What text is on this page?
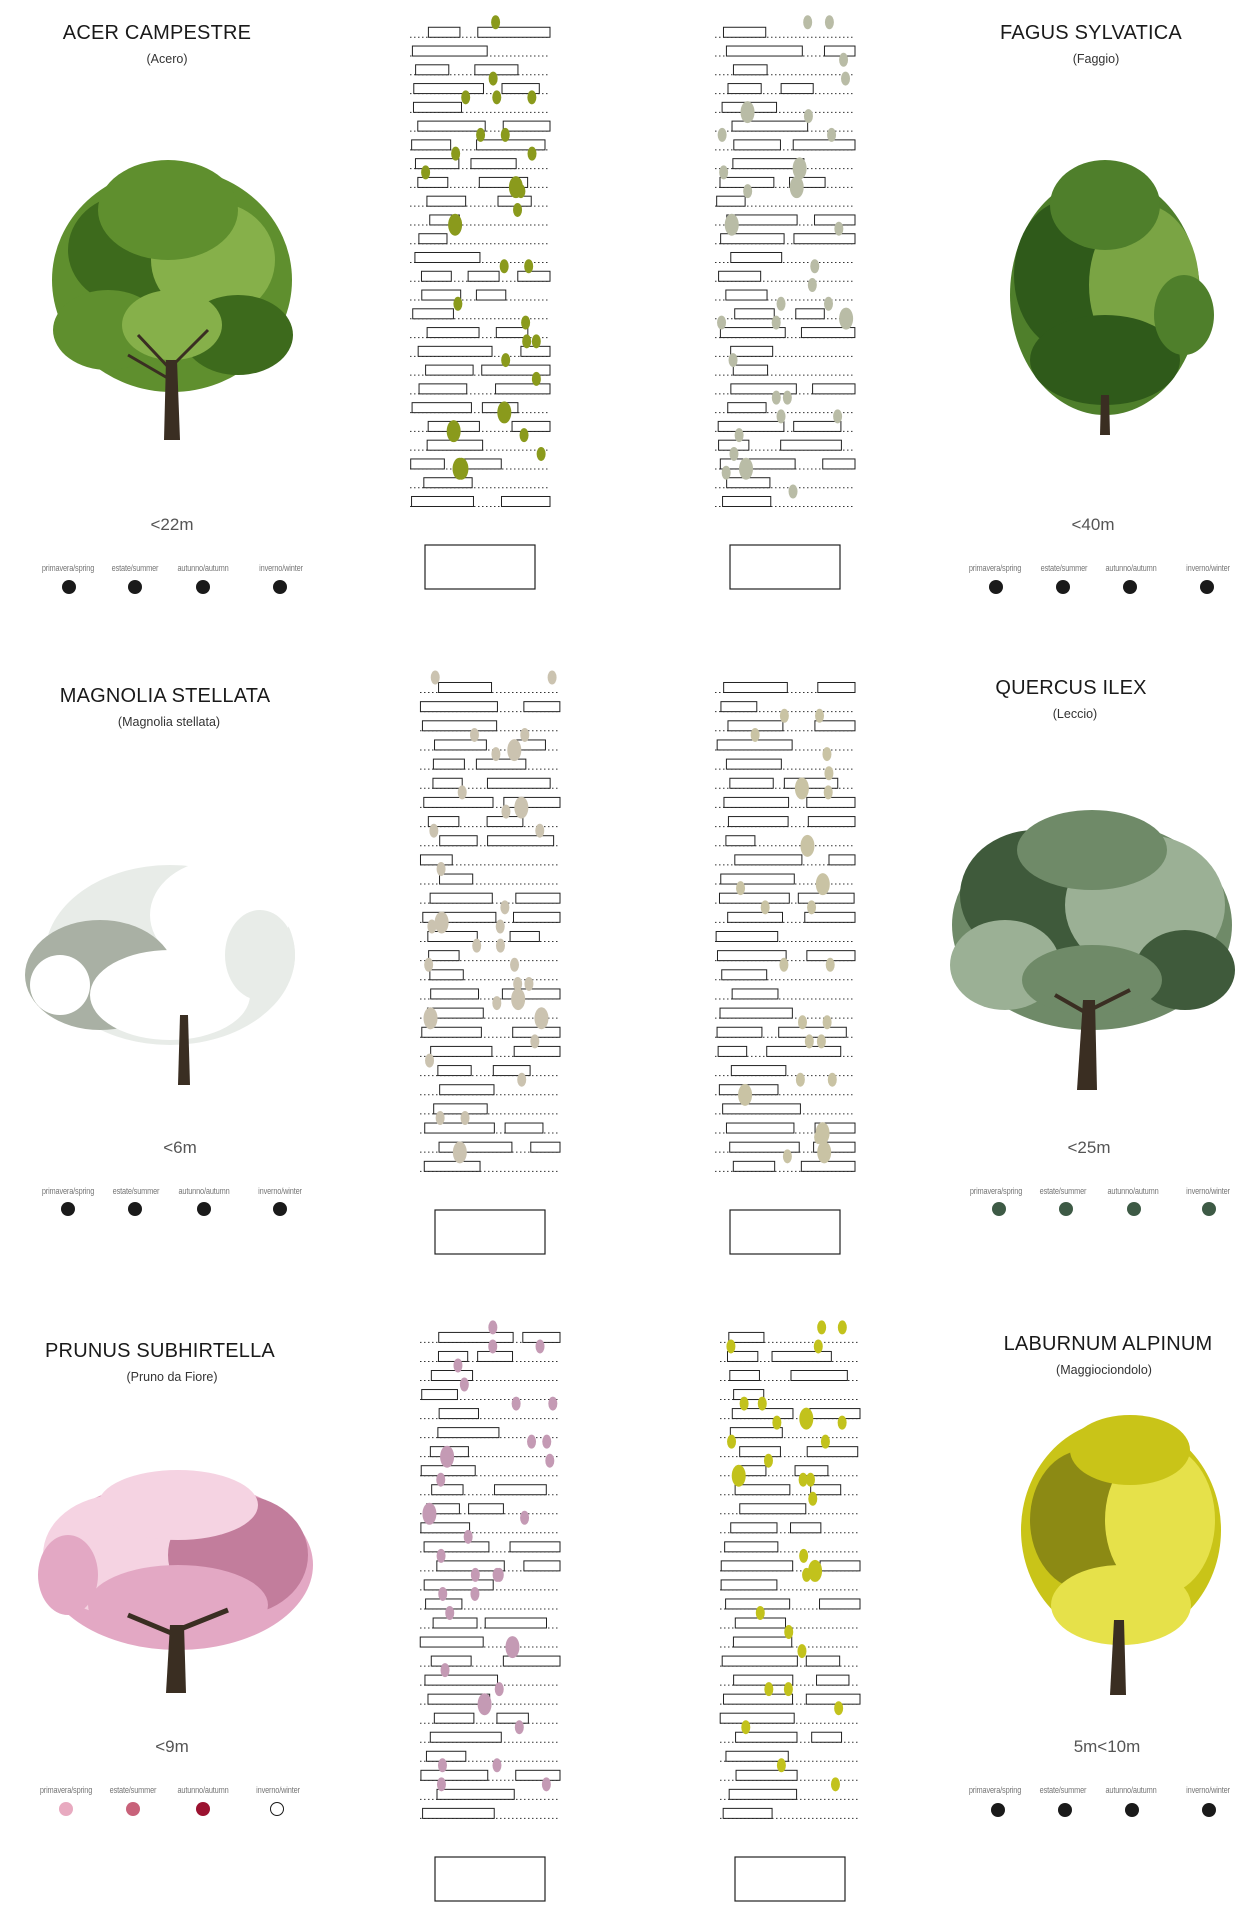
ACER CAMPESTRE
(Acero)
<22m
primavera/spring estate/summer autunno/autumn	inverno/winter
FAGUS SYLVATICA
(Faggio)
<40m
primavera/spring estate/summer autunno/autumn	inverno/winter
MAGNOLIA STELLATA
(Magnolia stellata)
<6m
primavera/spring estate/summer autunno/autumn	inverno/winter
QUERCUS ILEX
(Leccio)
<25m
primavera/spring estate/summer autunno/autumn	inverno/winter
PRUNUS SUBHIRTELLA
(Pruno da Fiore)
<9m
primavera/spring estate/summer autunno/autumn	inverno/winter
LABURNUM ALPINUM
(Maggiociondolo)
5m<10m
primavera/spring estate/summer autunno/autumn	inverno/winter
